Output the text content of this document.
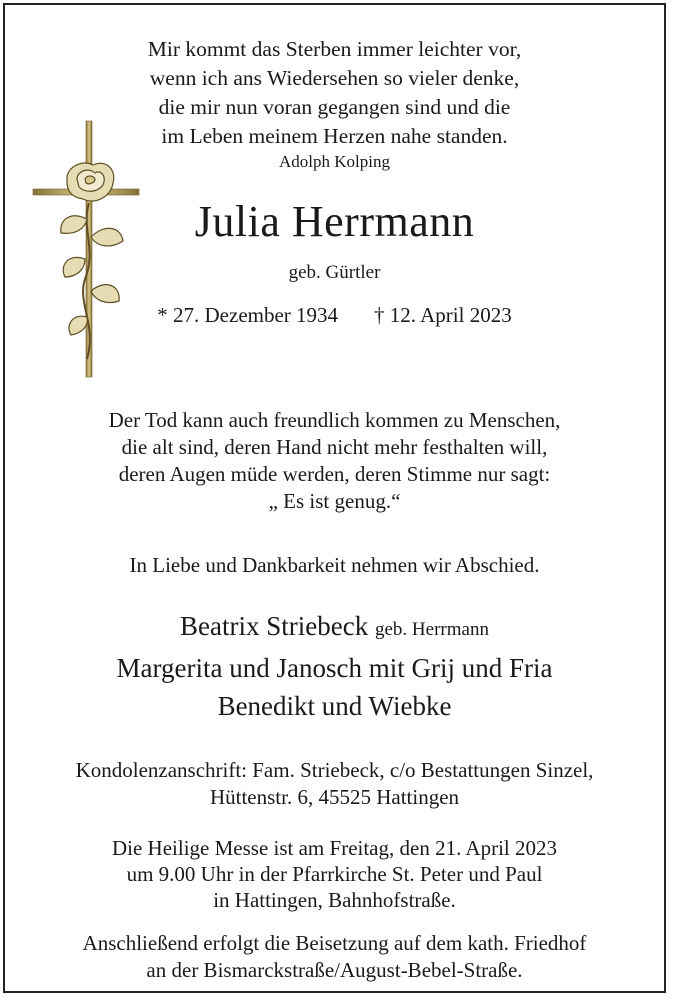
Mir kommt das Sterben immer leichter vor,
wenn ich ans Wiedersehen so vieler denke,
die mir nun voran gegangen sind und die
im Leben meinem Herzen nahe standen.
Adolph Kolping
Julia Herrmann
geb. Gürtler
* 27. Dezember 1934 † 12. April 2023
Der Tod kann auch freundlich kommen zu Menschen,
die alt sind, deren Hand nicht mehr festhalten will,
deren Augen müde werden, deren Stimme nur sagt:
„ Es ist genug.“
In Liebe und Dankbarkeit nehmen wir Abschied.
Beatrix Striebeck geb. Herrmann
Margerita und Janosch mit Grij und Fria
Benedikt und Wiebke
Kondolenzanschrift: Fam. Striebeck, c/o Bestattungen Sinzel,
Hüttenstr. 6, 45525 Hattingen
Die Heilige Messe ist am Freitag, den 21. April 2023
um 9.00 Uhr in der Pfarrkirche St. Peter und Paul
in Hattingen, Bahnhofstraße.
Anschließend erfolgt die Beisetzung auf dem kath. Friedhof
an der Bismarckstraße/August-Bebel-Straße.
